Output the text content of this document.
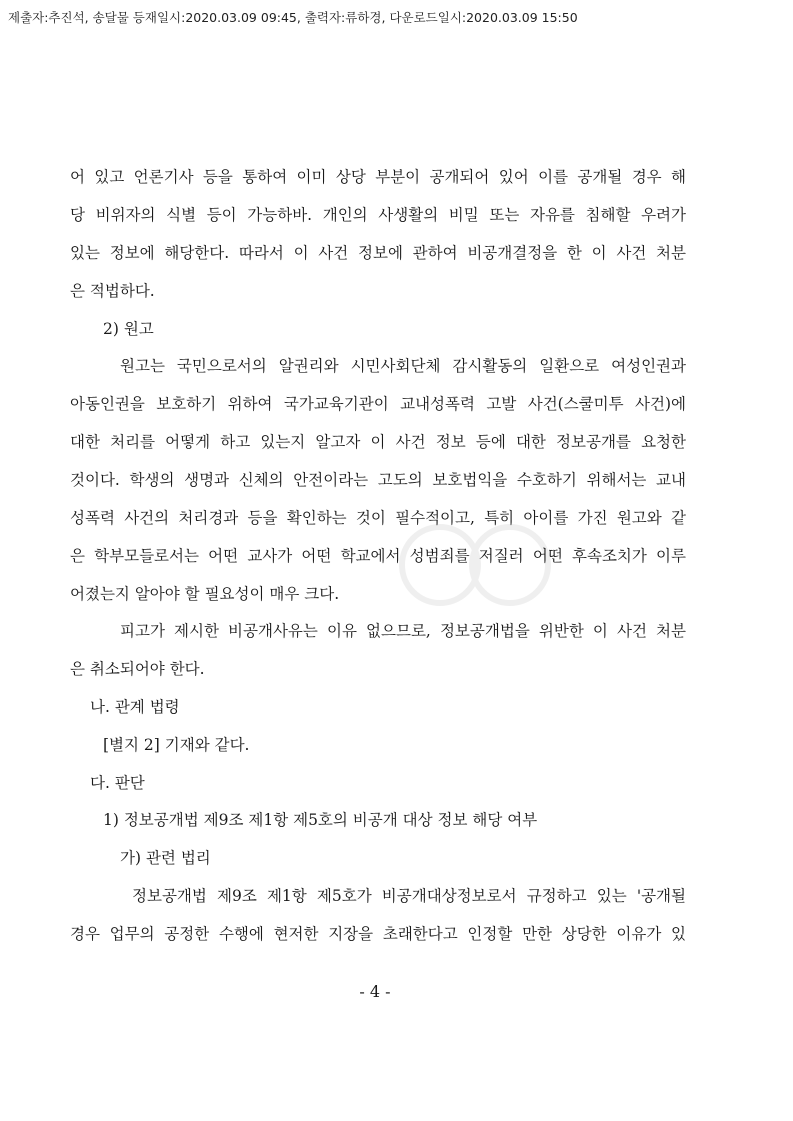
제출자:추진석, 송달물 등재일시:2020.03.09 09:45, 출력자:류하경, 다운로드일시:2020.03.09 15:50
어 있고 언론기사 등을 통하여 이미 상당 부분이 공개되어 있어 이를 공개될 경우 해
당 비위자의 식별 등이 가능하바. 개인의 사생활의 비밀 또는 자유를 침해할 우려가
있는 정보에 해당한다. 따라서 이 사건 정보에 관하여 비공개결정을 한 이 사건 처분
은 적법하다.
2) 원고
원고는 국민으로서의 알권리와 시민사회단체 감시활동의 일환으로 여성인권과
아동인권을 보호하기 위하여 국가교육기관이 교내성폭력 고발 사건(스쿨미투 사건)에
대한 처리를 어떻게 하고 있는지 알고자 이 사건 정보 등에 대한 정보공개를 요청한
것이다. 학생의 생명과 신체의 안전이라는 고도의 보호법익을 수호하기 위해서는 교내
성폭력 사건의 처리경과 등을 확인하는 것이 필수적이고, 특히 아이를 가진 원고와 같
은 학부모들로서는 어떤 교사가 어떤 학교에서 성범죄를 저질러 어떤 후속조치가 이루
어졌는지 알아야 할 필요성이 매우 크다.
피고가 제시한 비공개사유는 이유 없으므로, 정보공개법을 위반한 이 사건 처분
은 취소되어야 한다.
나. 관계 법령
[별지 2] 기재와 같다.
다. 판단
1) 정보공개법 제9조 제1항 제5호의 비공개 대상 정보 해당 여부
가) 관련 법리
정보공개법 제9조 제1항 제5호가 비공개대상정보로서 규정하고 있는 '공개될
경우 업무의 공정한 수행에 현저한 지장을 초래한다고 인정할 만한 상당한 이유가 있
- 4 -
